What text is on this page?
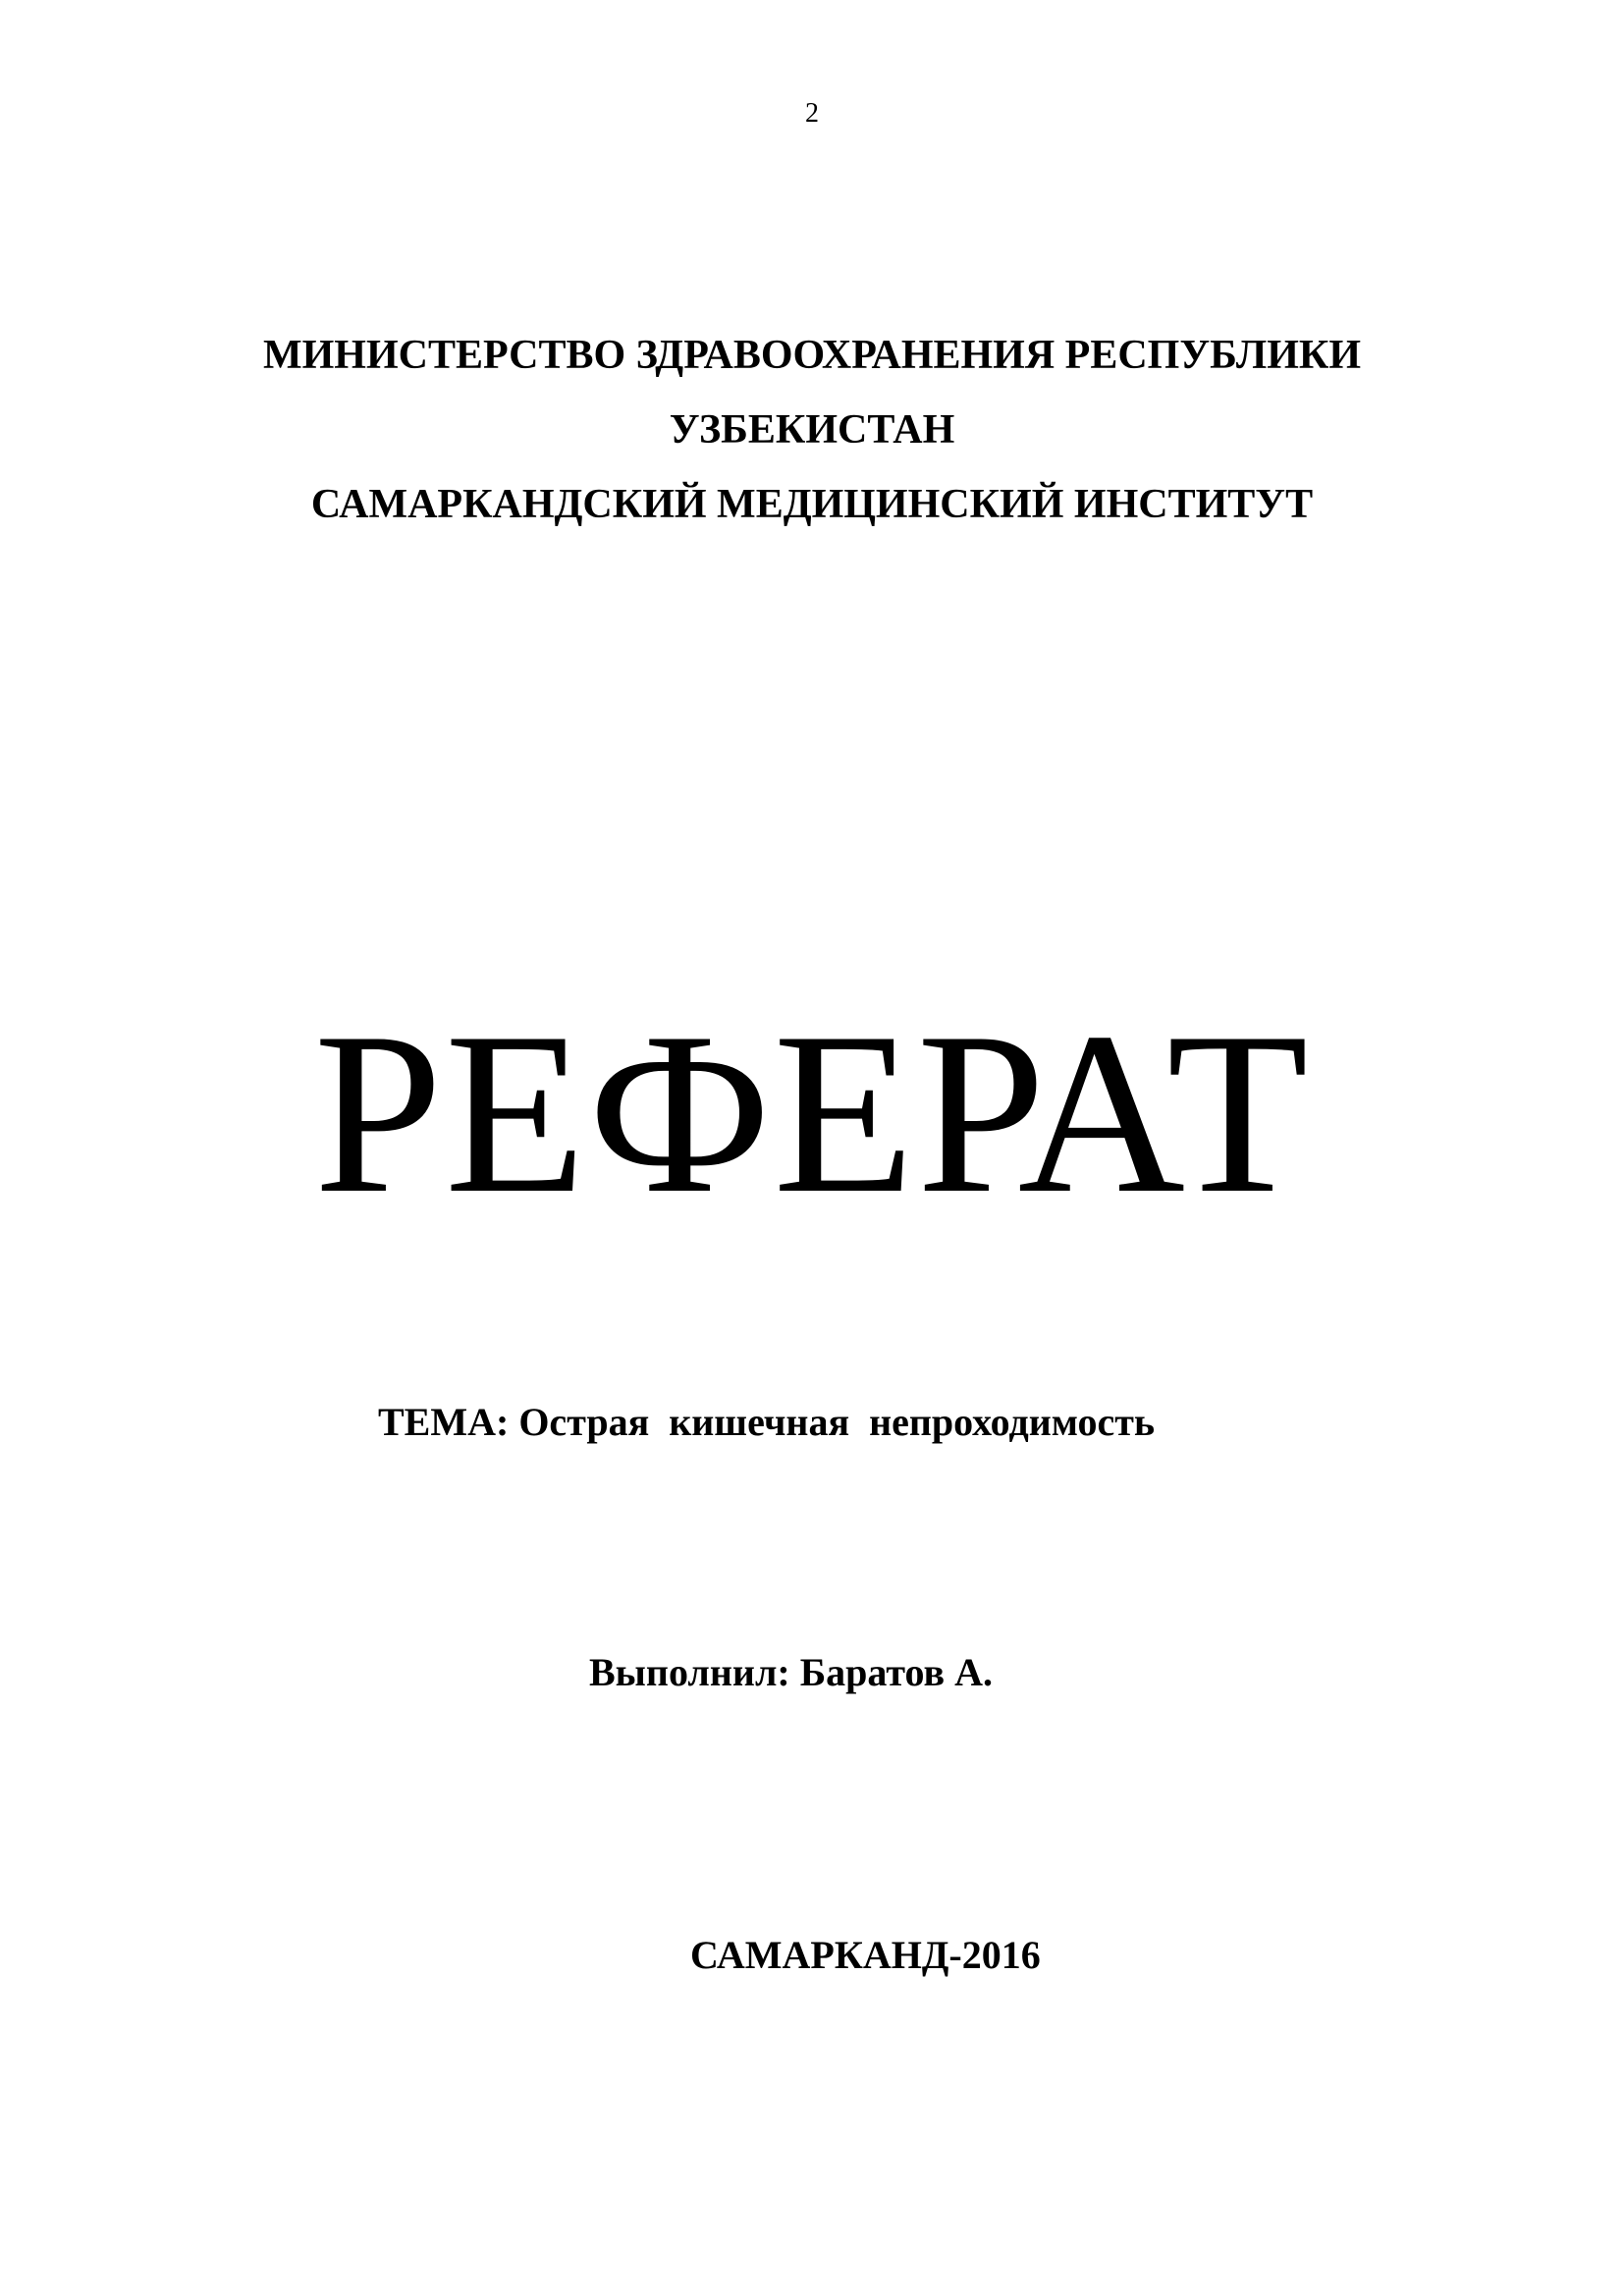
2
МИНИСТЕРСТВО ЗДРАВООХРАНЕНИЯ РЕСПУБЛИКИ
УЗБЕКИСТАН
САМАРКАНДСКИЙ МЕДИЦИНСКИЙ ИНСТИТУТ
РЕФЕРАТ
ТЕМА: Острая  кишечная  непроходимость
Выполнил: Баратов А.
САМАРКАНД-2016
